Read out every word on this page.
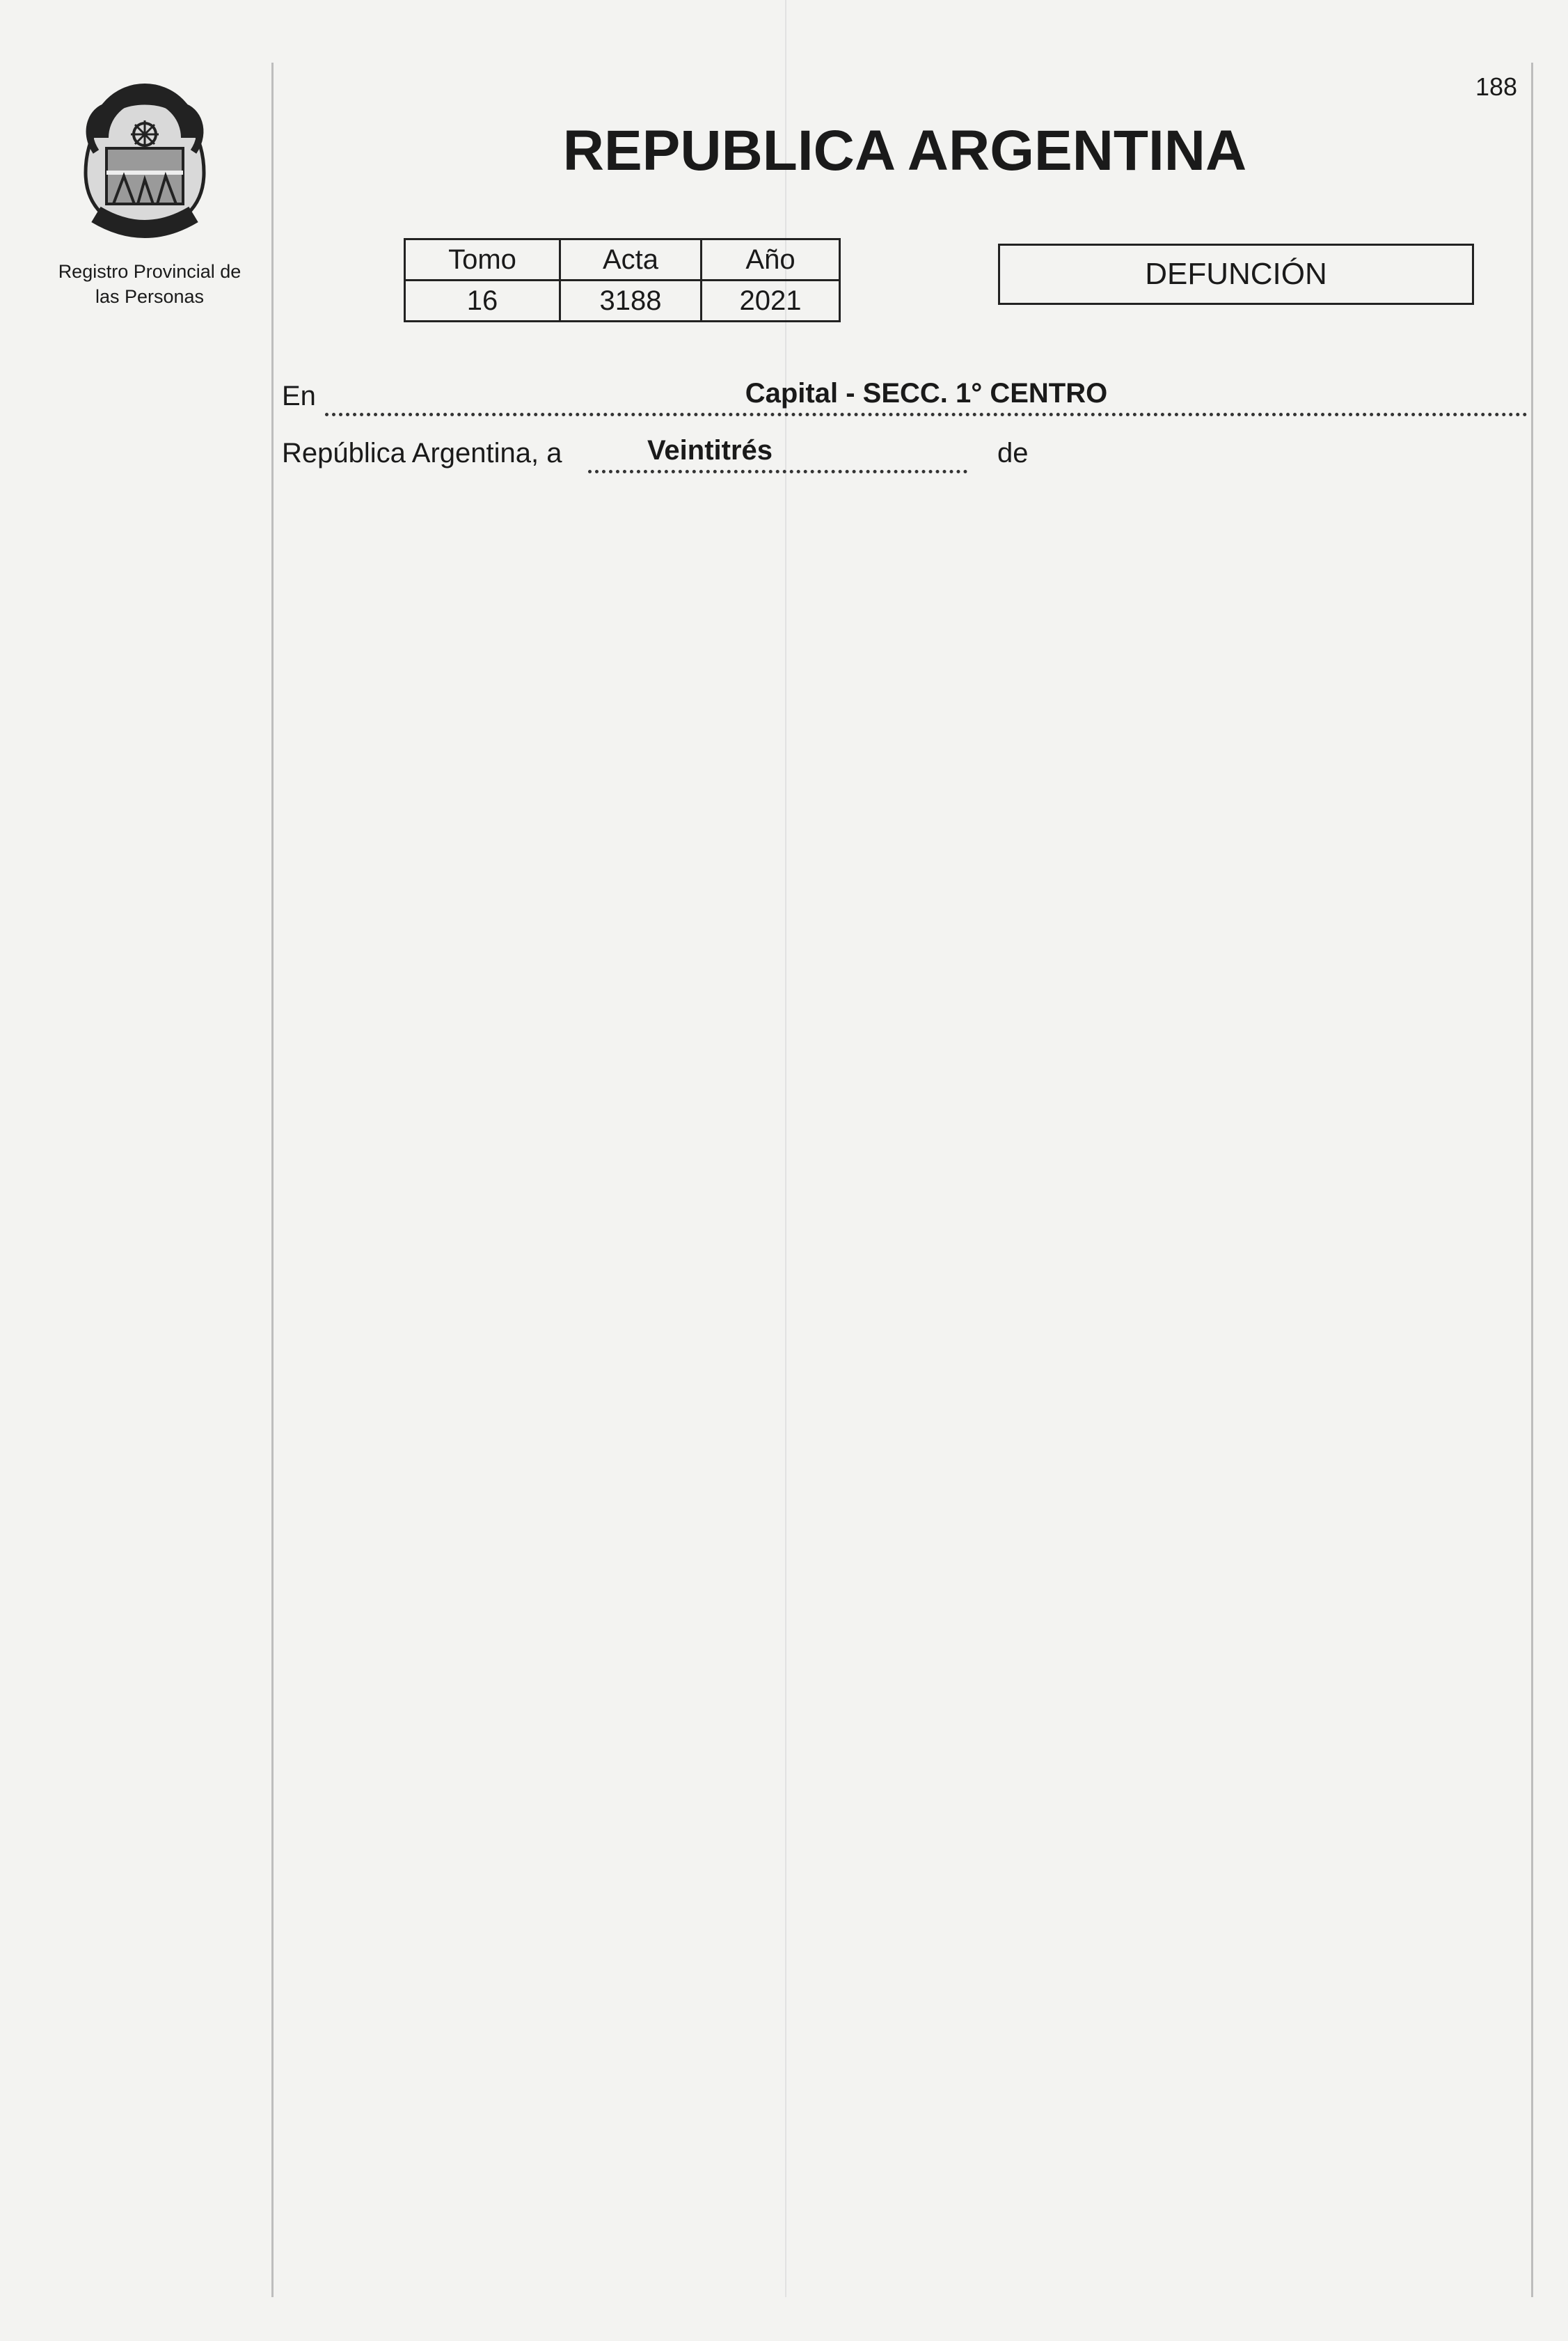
Registro Provincial de
las Personas
188
REPUBLICA ARGENTINA
Tomo	Acta	Año
16	3188	2021
DEFUNCIÓN
En	Capital - SECC. 1° CENTRO
República Argentina, a	Veintitrés	de
